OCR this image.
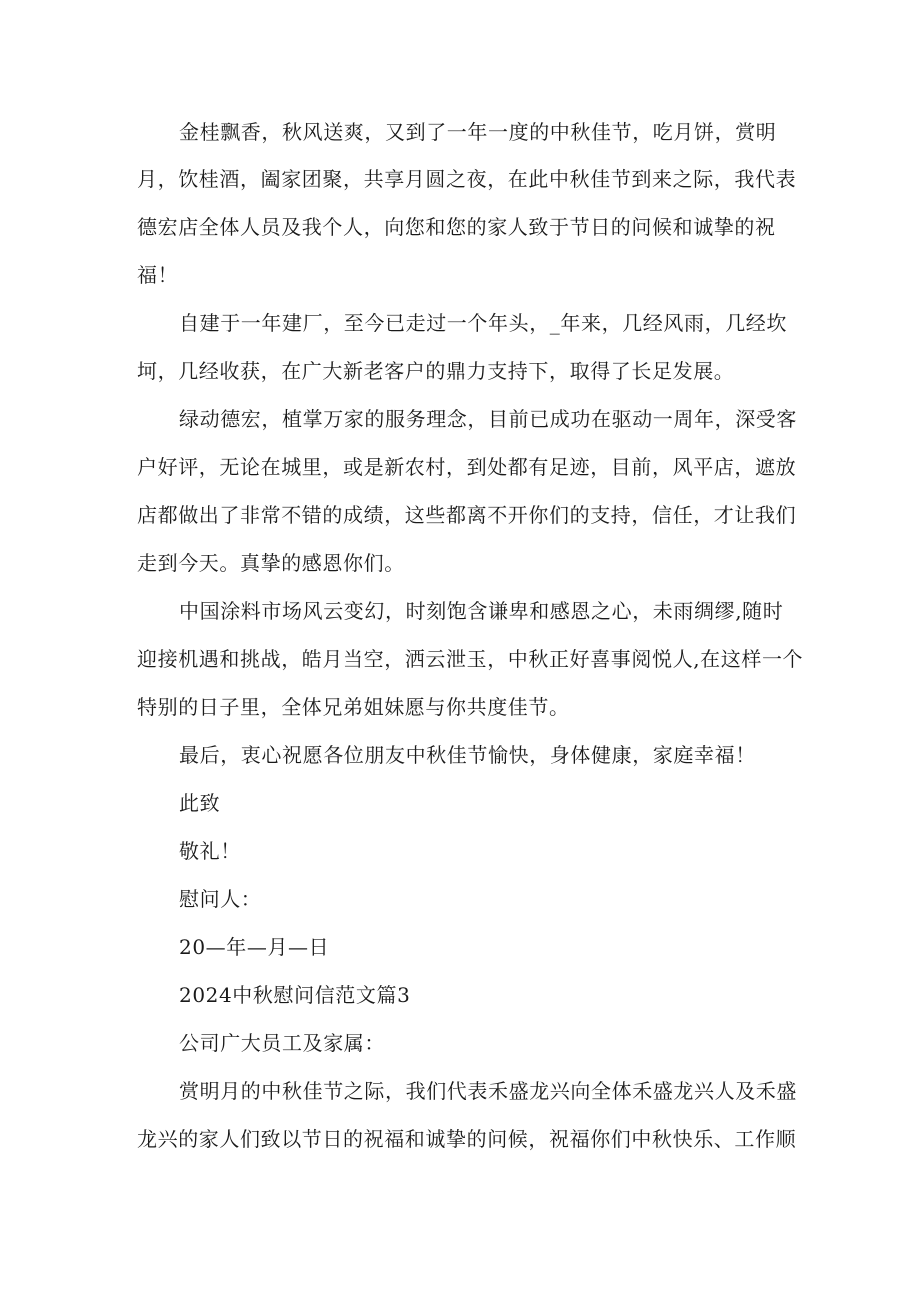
金桂飘香，秋风送爽，又到了一年一度的中秋佳节，吃月饼，赏明
月，饮桂酒，阖家团聚，共享月圆之夜，在此中秋佳节到来之际，我代表
德宏店全体人员及我个人，向您和您的家人致于节日的问候和诚挚的祝
福！
自建于一年建厂，至今已走过一个年头，_年来，几经风雨，几经坎
坷，几经收获，在广大新老客户的鼎力支持下，取得了长足发展。
绿动德宏，植掌万家的服务理念，目前已成功在驱动一周年，深受客
户好评，无论在城里，或是新农村，到处都有足迹，目前，风平店，遮放
店都做出了非常不错的成绩，这些都离不开你们的支持，信任，才让我们
走到今天。真挚的感恩你们。
中国涂料市场风云变幻，时刻饱含谦卑和感恩之心，未雨绸缪,随时
迎接机遇和挑战，皓月当空，洒云泄玉，中秋正好喜事阅悦人,在这样一个
特别的日子里，全体兄弟姐妹愿与你共度佳节。
最后，衷心祝愿各位朋友中秋佳节愉快，身体健康，家庭幸福！
此致
敬礼！
慰问人：
20—年—月—日
2024中秋慰问信范文篇3
公司广大员工及家属：
赏明月的中秋佳节之际，我们代表禾盛龙兴向全体禾盛龙兴人及禾盛
龙兴的家人们致以节日的祝福和诚挚的问候，祝福你们中秋快乐、工作顺
